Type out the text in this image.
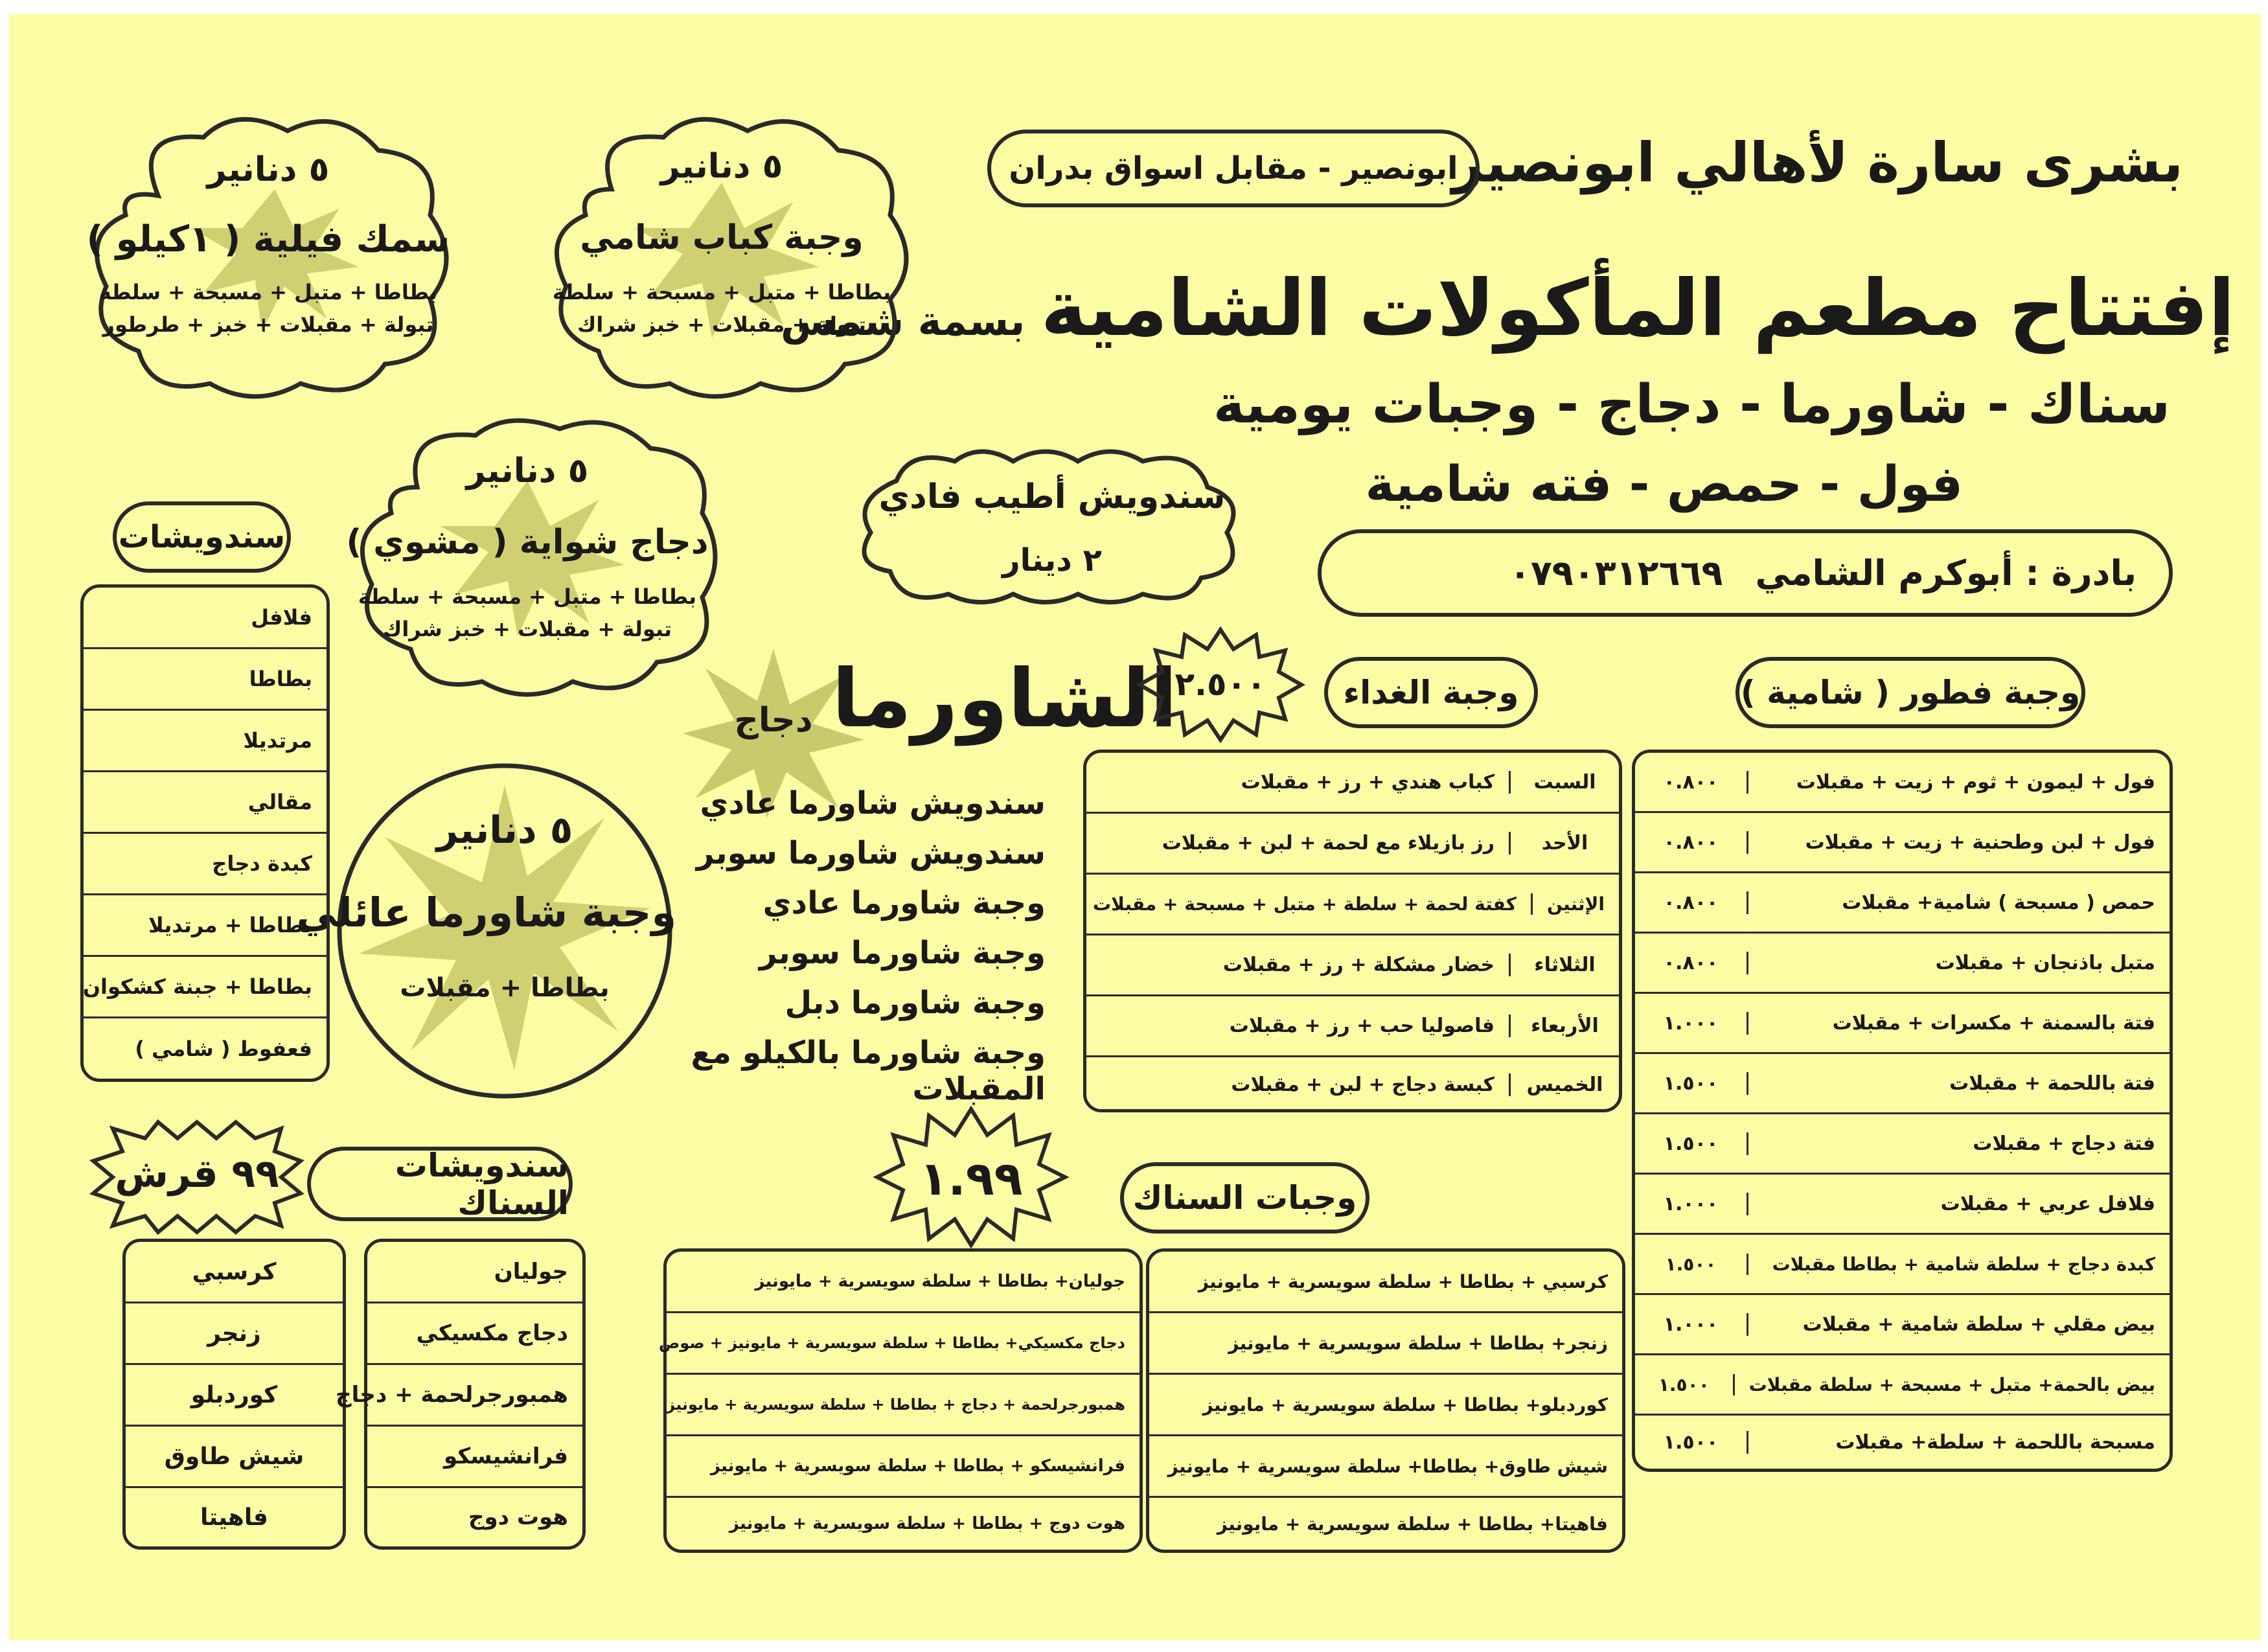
بشرى سارة لأهالي ابونصير
ابونصير - مقابل اسواق بدران
إفتتاح مطعم المأكولات الشامية
بسمة شمس
سناك - شاورما - دجاج - وجبات يومية
فول - حمص - فته شامية
بادرة : أبوكرم الشامي
٠٧٩٠٣١٢٦٦٩
٥ دنانير
سمك فيلية ( ١كيلو )
بطاطا + متبل + مسبحة + سلطة
تبولة + مقبلات + خبز + طرطور
٥ دنانير
وجبة كباب شامي
بطاطا + متبل + مسبحة + سلطة
تبولة + مقبلات + خبز شراك
٥ دنانير
دجاج شواية ( مشوي )
بطاطا + متبل + مسبحة + سلطة
تبولة + مقبلات + خبز شراك
سندويش أطيب فادي
٢ دينار
٥ دنانير
وجبة شاورما عائلي
بطاطا + مقبلات
دجاج الشاورما
سندويش شاورما عادي
سندويش شاورما سوبر
وجبة شاورما عادي
وجبة شاورما سوبر
وجبة شاورما دبل
وجبة شاورما بالكيلو مع المقبلات
سندويشات
فلافل
بطاطا
مرتديلا
مقالي
كبدة دجاج
بطاطا + مرتديلا
بطاطا + جبنة كشكوان
فعفوط ( شامي )
٩٩ قرش	سندويشات السناك
كرسبي
زنجر
كوردبلو
شيش طاوق
فاهيتا
جوليان
دجاج مكسيكي
همبورجرلحمة + دجاج
فرانشيسكو
هوت دوج
١.٩٩	وجبات السناك
جوليان+ بطاطا + سلطة سويسرية + مايونيز
دجاج مكسيكي+ بطاطا + سلطة سويسرية + مايونيز + صوص
همبورجرلحمة + دجاج + بطاطا + سلطة سويسرية + مايونيز
فرانشيسكو + بطاطا + سلطة سويسرية + مايونيز
هوت دوج + بطاطا + سلطة سويسرية + مايونيز
كرسبي + بطاطا + سلطة سويسرية + مايونيز
زنجر+ بطاطا + سلطة سويسرية + مايونيز
كوردبلو+ بطاطا + سلطة سويسرية + مايونيز
شيش طاوق+ بطاطا+ سلطة سويسرية + مايونيز
فاهيتا+ بطاطا + سلطة سويسرية + مايونيز
٢.٥٠٠	وجبة الغداء
السبت
كباب هندي + رز + مقبلات
الأحد
رز بازيلاء مع لحمة + لبن + مقبلات
الإثنين
كفتة لحمة + سلطة + متبل + مسبحة + مقبلات
الثلاثاء
خضار مشكلة + رز + مقبلات
الأربعاء
فاصوليا حب + رز + مقبلات
الخميس
كبسة دجاج + لبن + مقبلات
وجبة فطور ( شامية )
فول + ليمون + ثوم + زيت + مقبلات
٠.٨٠٠
فول + لبن وطحنية + زيت + مقبلات
٠.٨٠٠
حمص ( مسبحة ) شامية+ مقبلات
٠.٨٠٠
متبل باذنجان + مقبلات
٠.٨٠٠
فتة بالسمنة + مكسرات + مقبلات
١.٠٠٠
فتة باللحمة + مقبلات
١.٥٠٠
فتة دجاج + مقبلات
١.٥٠٠
فلافل عربي + مقبلات
١.٠٠٠
كبدة دجاج + سلطة شامية + بطاطا مقبلات
١.٥٠٠
بيض مقلي + سلطة شامية + مقبلات
١.٠٠٠
بيض بالحمة+ متبل + مسبحة + سلطة مقبلات
١.٥٠٠
مسبحة باللحمة + سلطة+ مقبلات
١.٥٠٠
